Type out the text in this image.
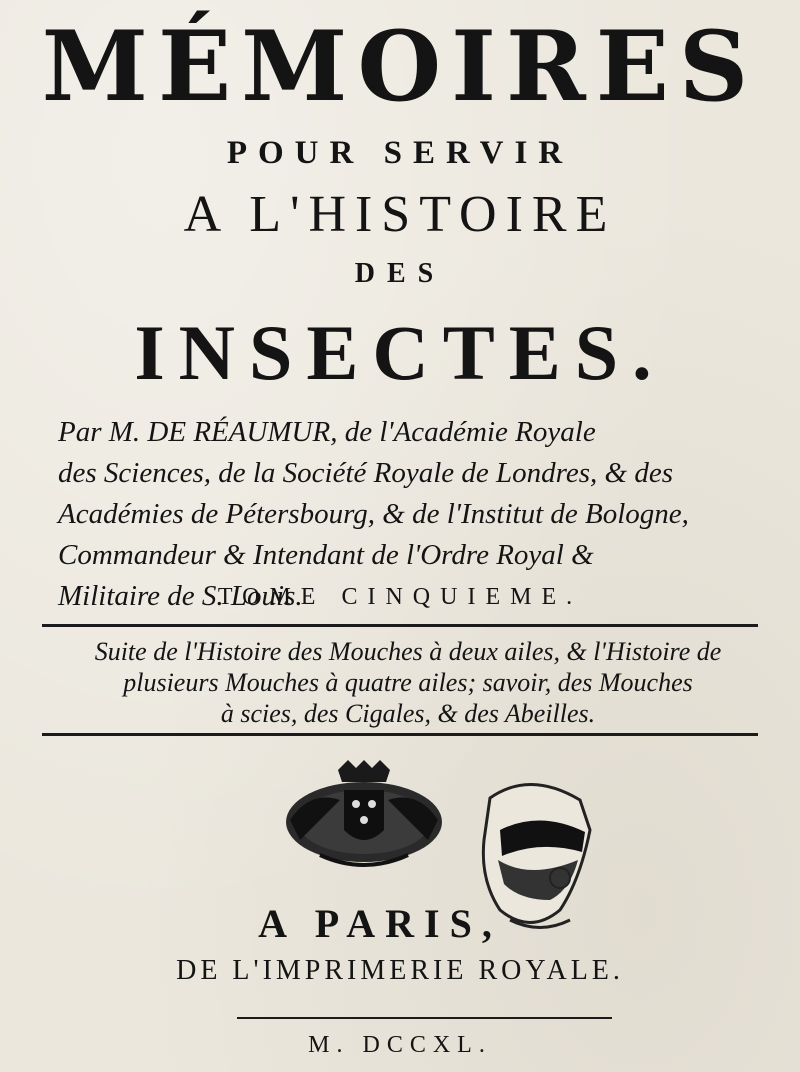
MÉMOIRES
POUR SERVIR
A L'HISTOIRE
DES
INSECTES.
Par M. DE RÉAUMUR, de l'Académie Royale
des Sciences, de la Société Royale de Londres, & des
Académies de Pétersbourg, & de l'Institut de Bologne,
Commandeur & Intendant de l'Ordre Royal &
Militaire de S. Louis.
TOME CINQUIEME.
Suite de l'Histoire des Mouches à deux ailes, & l'Histoire de
plusieurs Mouches à quatre ailes; savoir, des Mouches
à scies, des Cigales, & des Abeilles.
A PARIS,
DE L'IMPRIMERIE ROYALE.
M. DCCXL.
